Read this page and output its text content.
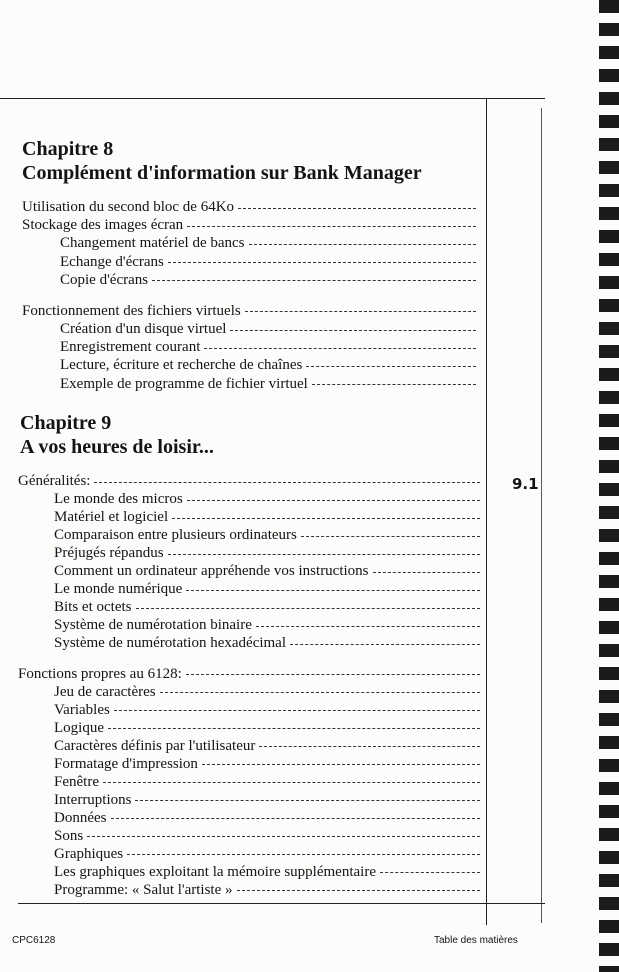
Chapitre 8
Complément d'information sur Bank Manager
Utilisation du second bloc de 64Ko
Stockage des images écran
Changement matériel de bancs
Echange d'écrans
Copie d'écrans
Fonctionnement des fichiers virtuels
Création d'un disque virtuel
Enregistrement courant
Lecture, écriture et recherche de chaînes
Exemple de programme de fichier virtuel
Chapitre 9
A vos heures de loisir...
Généralités:
Le monde des micros
Matériel et logiciel
Comparaison entre plusieurs ordinateurs
Préjugés répandus
Comment un ordinateur appréhende vos instructions
Le monde numérique
Bits et octets
Système de numérotation binaire
Système de numérotation hexadécimal
Fonctions propres au 6128:
Jeu de caractères
Variables
Logique
Caractères définis par l'utilisateur
Formatage d'impression
Fenêtre
Interruptions
Données
Sons
Graphiques
Les graphiques exploitant la mémoire supplémentaire
Programme: « Salut l'artiste »
9.1
CPC6128	Table des matières
